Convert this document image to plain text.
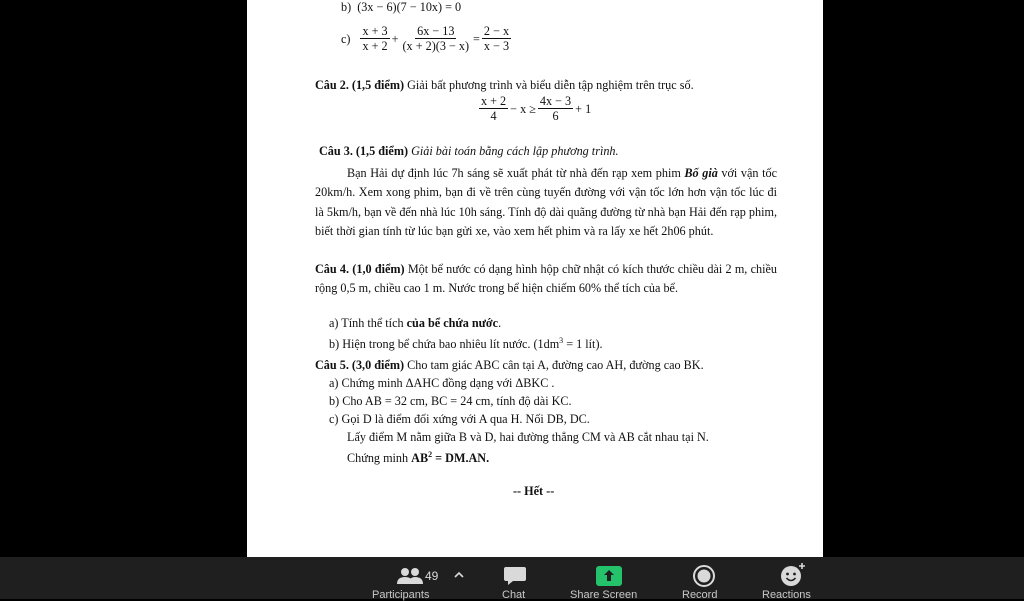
b) (3x − 6)(7 − 10x) = 0
$c) \frac{x + 3}{x + 2} + \frac{6x - 13}{(x + 2)(3 - x)} = \frac{2 - x}{x - 3}$
Câu 2. (1,5 điểm) Giải bất phương trình và biểu diễn tập nghiệm trên trục số.
$\frac{x + 2}{4} - x \ge \frac{4x - 3}{6} + 1$
Câu 3. (1,5 điểm) Giải bài toán bằng cách lập phương trình.
Bạn Hải dự định lúc 7h sáng sẽ xuất phát từ nhà đến rạp xem phim Bố già với vận tốc 20km/h. Xem xong phim, bạn đi về trên cùng tuyến đường với vận tốc lớn hơn vận tốc lúc đi là 5km/h, bạn về đến nhà lúc 10h sáng. Tính độ dài quãng đường từ nhà bạn Hải đến rạp phim, biết thời gian tính từ lúc bạn gửi xe, vào xem hết phim và ra lấy xe hết 2h06 phút.
Câu 4. (1,0 điểm) Một bể nước có dạng hình hộp chữ nhật có kích thước chiều dài 2 m, chiều rộng 0,5 m, chiều cao 1 m. Nước trong bể hiện chiếm 60% thể tích của bể.
a) Tính thể tích của bể chứa nước.
b) Hiện trong bể chứa bao nhiêu lít nước. ($1dm^3 = 1$ lít).
Câu 5. (3,0 điểm) Cho tam giác ABC cân tại A, đường cao AH, đường cao BK.
a) Chứng minh ΔAHC đồng dạng với ΔBKC .
b) Cho AB = 32 cm, BC = 24 cm, tính độ dài KC.
c) Gọi D là điểm đối xứng với A qua H. Nối DB, DC.
Lấy điểm M nằm giữa B và D, hai đường thẳng CM và AB cắt nhau tại N.
Chứng minh $AB^2 = DM.AN$.
-- Hết --
49
Participants	Chat	Share Screen	Record	Reactions
